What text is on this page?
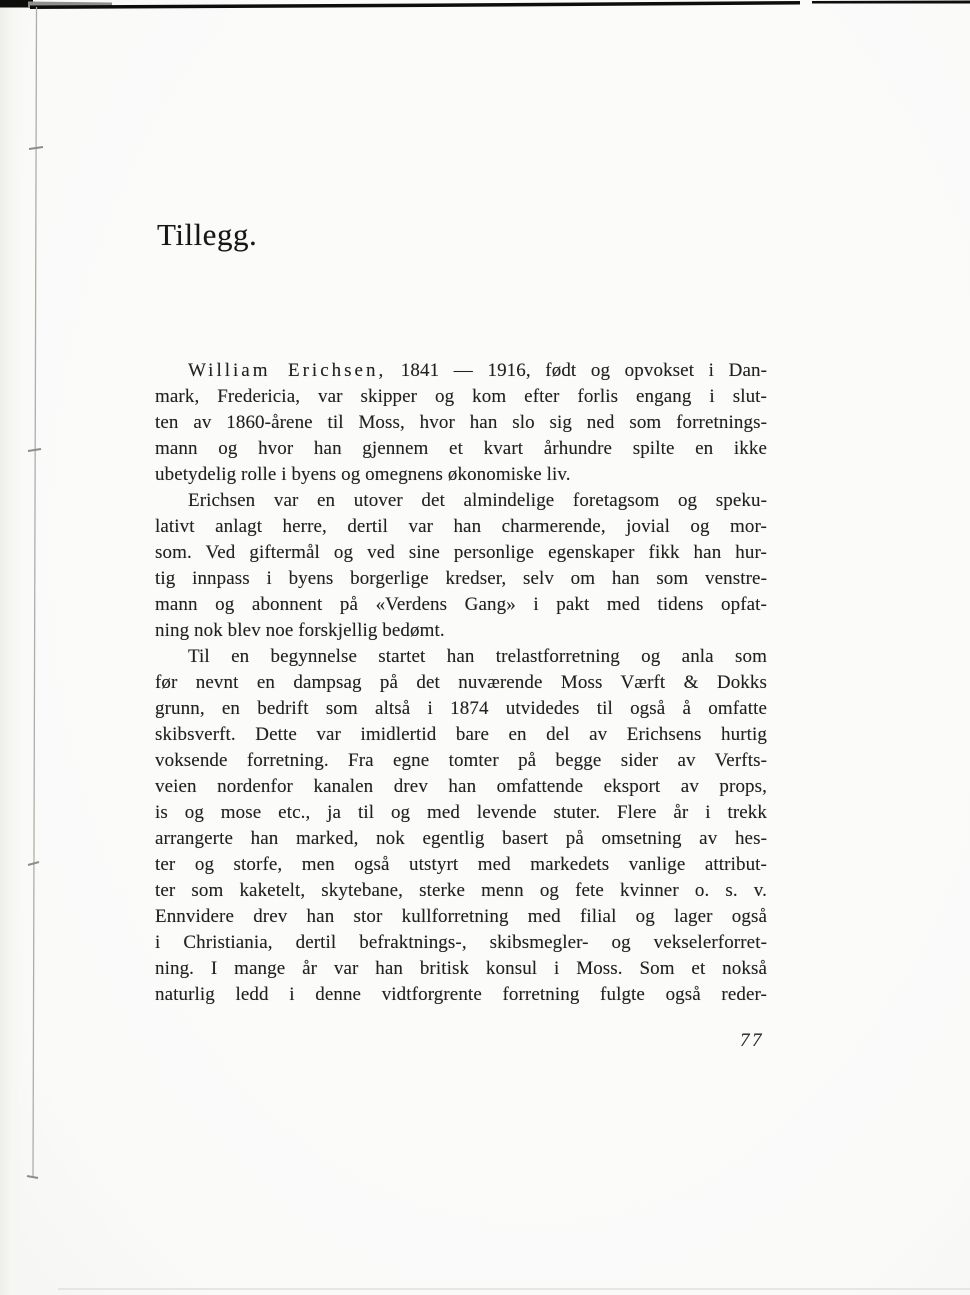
Tillegg.
William Erichsen, 1841 — 1916, født og opvokset i Dan-
mark, Fredericia, var skipper og kom efter forlis engang i slut-
ten av 1860-årene til Moss, hvor han slo sig ned som forretnings-
mann og hvor han gjennem et kvart århundre spilte en ikke
ubetydelig rolle i byens og omegnens økonomiske liv.
Erichsen var en utover det almindelige foretagsom og speku-
lativt anlagt herre, dertil var han charmerende, jovial og mor-
som. Ved giftermål og ved sine personlige egenskaper fikk han hur-
tig innpass i byens borgerlige kredser, selv om han som venstre-
mann og abonnent på «Verdens Gang» i pakt med tidens opfat-
ning nok blev noe forskjellig bedømt.
Til en begynnelse startet han trelastforretning og anla som
før nevnt en dampsag på det nuværende Moss Værft & Dokks
grunn, en bedrift som altså i 1874 utvidedes til også å omfatte
skibsverft. Dette var imidlertid bare en del av Erichsens hurtig
voksende forretning. Fra egne tomter på begge sider av Verfts-
veien nordenfor kanalen drev han omfattende eksport av props,
is og mose etc., ja til og med levende stuter. Flere år i trekk
arrangerte han marked, nok egentlig basert på omsetning av hes-
ter og storfe, men også utstyrt med markedets vanlige attribut-
ter som kaketelt, skytebane, sterke menn og fete kvinner o. s. v.
Ennvidere drev han stor kullforretning med filial og lager også
i Christiania, dertil befraktnings-, skibsmegler- og vekselerforret-
ning. I mange år var han britisk konsul i Moss. Som et nokså
naturlig ledd i denne vidtforgrente forretning fulgte også reder-
77
